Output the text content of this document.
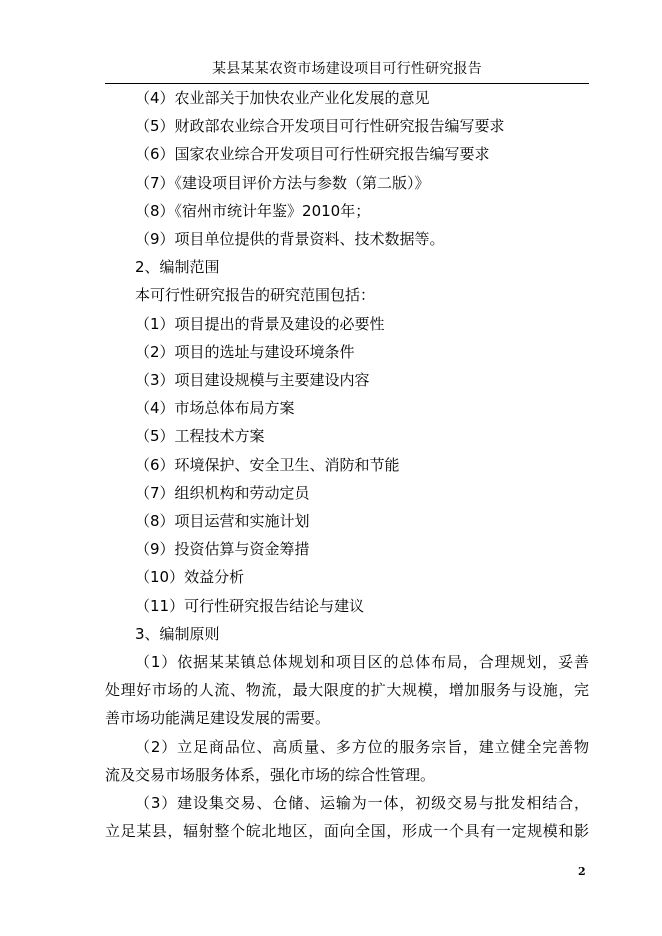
某县某某农资市场建设项目可行性研究报告
（4）农业部关于加快农业产业化发展的意见
（5）财政部农业综合开发项目可行性研究报告编写要求
（6）国家农业综合开发项目可行性研究报告编写要求
（7）《建设项目评价方法与参数（第二版）》
（8）《宿州市统计年鉴》2010年；
（9）项目单位提供的背景资料、技术数据等。
2、编制范围
本可行性研究报告的研究范围包括：
（1）项目提出的背景及建设的必要性
（2）项目的选址与建设环境条件
（3）项目建设规模与主要建设内容
（4）市场总体布局方案
（5）工程技术方案
（6）环境保护、安全卫生、消防和节能
（7）组织机构和劳动定员
（8）项目运营和实施计划
（9）投资估算与资金筹措
（10）效益分析
（11）可行性研究报告结论与建议
3、编制原则
（1）依据某某镇总体规划和项目区的总体布局，合理规划，妥善
处理好市场的人流、物流，最大限度的扩大规模，增加服务与设施，完
善市场功能满足建设发展的需要。
（2）立足商品位、高质量、多方位的服务宗旨，建立健全完善物
流及交易市场服务体系，强化市场的综合性管理。
（3）建设集交易、仓储、运输为一体，初级交易与批发相结合，
立足某县，辐射整个皖北地区，面向全国，形成一个具有一定规模和影
2
